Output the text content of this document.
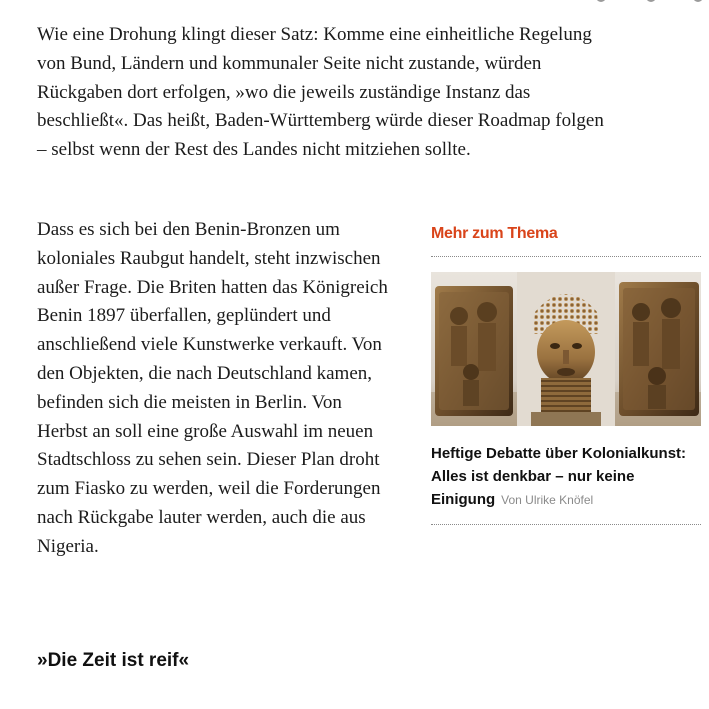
Wie eine Drohung klingt dieser Satz: Komme eine einheitliche Regelung von Bund, Ländern und kommunaler Seite nicht zustande, würden Rückgaben dort erfolgen, »wo die jeweils zuständige Instanz das beschließt«. Das heißt, Baden-Württemberg würde dieser Roadmap folgen – selbst wenn der Rest des Landes nicht mitziehen sollte.

Dass es sich bei den Benin-Bronzen um koloniales Raubgut handelt, steht inzwischen außer Frage. Die Briten hatten das Königreich Benin 1897 überfallen, geplündert und anschließend viele Kunstwerke verkauft. Von den Objekten, die nach Deutschland kamen, befinden sich die meisten in Berlin. Von Herbst an soll eine große Auswahl im neuen Stadtschloss zu sehen sein. Dieser Plan droht zum Fiasko zu werden, weil die Forderungen nach Rückgabe lauter werden, auch die aus Nigeria.

Mehr zum Thema
Heftige Debatte über Kolonialkunst: Alles ist denkbar – nur keine Einigung Von Ulrike Knöfel
»Die Zeit ist reif«
